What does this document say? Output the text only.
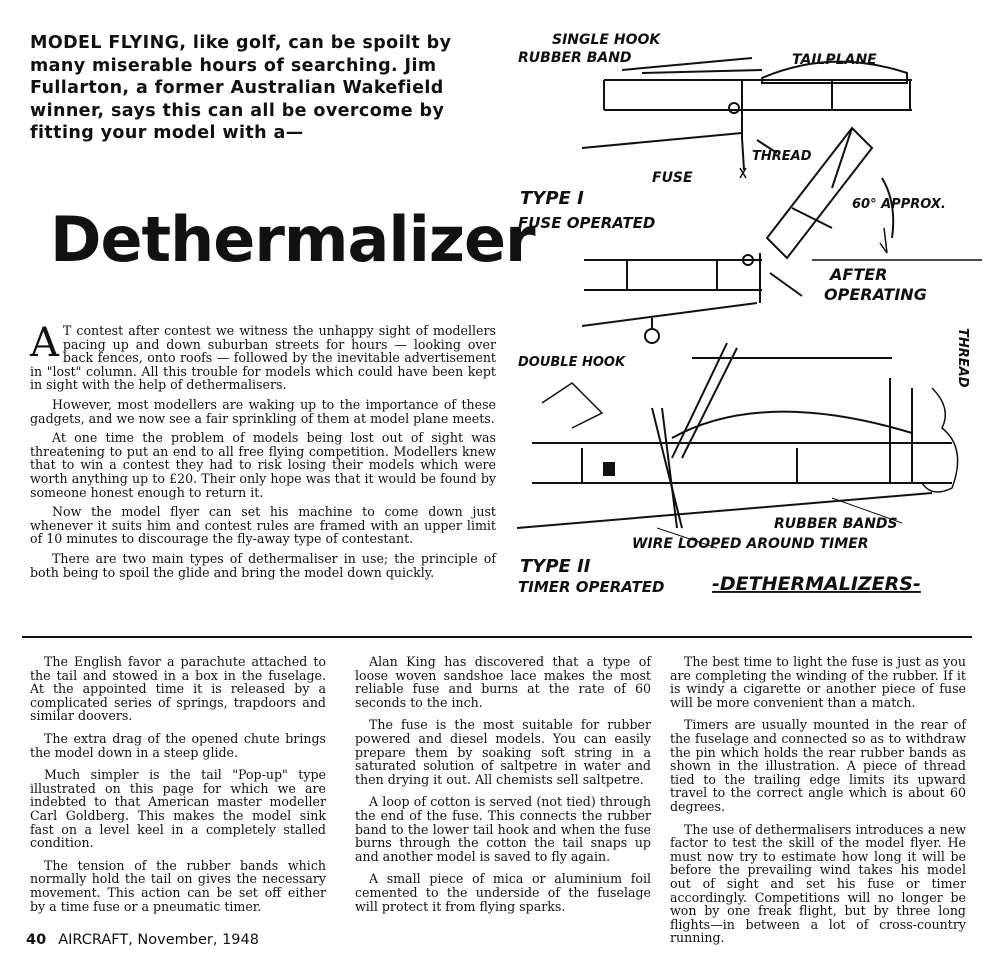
MODEL FLYING, like golf, can be spoilt by many miserable hours of searching. Jim Fullarton, a former Australian Wakefield winner, says this can all be overcome by fitting your model with a—

Dethermalizer

A T contest after contest we witness the unhappy sight of modellers pacing up and down suburban streets for hours — looking over back fences, onto roofs — followed by the inevitable advertisement in "lost" column. All this trouble for models which could have been kept in sight with the help of dethermalisers.

However, most modellers are waking up to the importance of these gadgets, and we now see a fair sprinkling of them at model plane meets.

At one time the problem of models being lost out of sight was threatening to put an end to all free flying competition. Modellers knew that to win a contest they had to risk losing their models which were worth anything up to £20. Their only hope was that it would be found by someone honest enough to return it.

Now the model flyer can set his machine to come down just whenever it suits him and contest rules are framed with an upper limit of 10 minutes to discourage the fly-away type of contestant.

There are two main types of dethermaliser in use; the principle of both being to spoil the glide and bring the model down quickly.

SINGLE HOOK
RUBBER BAND	TAILPLANE
THREAD
FUSE
TYPE I
FUSE OPERATED
60° APPROX.
AFTER
OPERATING
DOUBLE HOOK	THREAD
RUBBER BANDS
WIRE LOOPED AROUND TIMER
TYPE II
TIMER OPERATED	-DETHERMALIZERS-

The English favor a parachute attached to the tail and stowed in a box in the fuselage. At the appointed time it is released by a complicated series of springs, trapdoors and similar doovers.

The extra drag of the opened chute brings the model down in a steep glide.

Much simpler is the tail "Pop-up" type illustrated on this page for which we are indebted to that American master modeller Carl Goldberg. This makes the model sink fast on a level keel in a completely stalled condition.

The tension of the rubber bands which normally hold the tail on gives the necessary movement. This action can be set off either by a time fuse or a pneumatic timer.

Alan King has discovered that a type of loose woven sandshoe lace makes the most reliable fuse and burns at the rate of 60 seconds to the inch.

The fuse is the most suitable for rubber powered and diesel models. You can easily prepare them by soaking soft string in a saturated solution of saltpetre in water and then drying it out. All chemists sell saltpetre.

A loop of cotton is served (not tied) through the end of the fuse. This connects the rubber band to the lower tail hook and when the fuse burns through the cotton the tail snaps up and another model is saved to fly again.

A small piece of mica or aluminium foil cemented to the underside of the fuselage will protect it from flying sparks.

The best time to light the fuse is just as you are completing the winding of the rubber. If it is windy a cigarette or another piece of fuse will be more convenient than a match.

Timers are usually mounted in the rear of the fuselage and connected so as to withdraw the pin which holds the rear rubber bands as shown in the illustration. A piece of thread tied to the trailing edge limits its upward travel to the correct angle which is about 60 degrees.

The use of dethermalisers introduces a new factor to test the skill of the model flyer. He must now try to estimate how long it will be before the prevailing wind takes his model out of sight and set his fuse or timer accordingly. Competitions will no longer be won by one freak flight, but by three long flights—in between a lot of cross-country running.

40 AIRCRAFT, November, 1948
